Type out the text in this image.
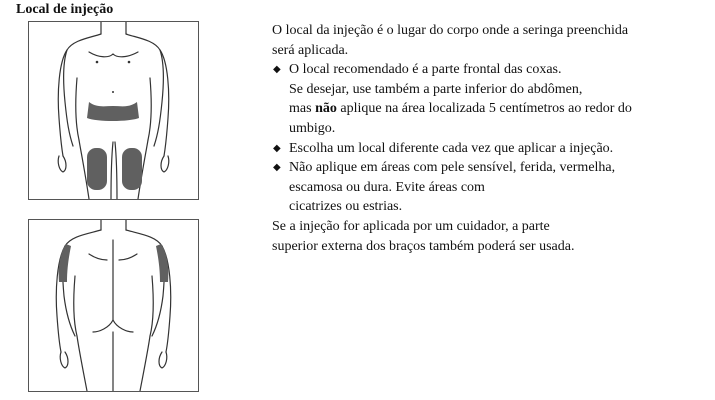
Local de injeção
O local da injeção é o lugar do corpo onde a seringa preenchida
será aplicada.
◆ O local recomendado é a parte frontal das coxas.
Se desejar, use também a parte inferior do abdômen,
mas não aplique na área localizada 5 centímetros ao redor do
umbigo.
◆ Escolha um local diferente cada vez que aplicar a injeção.
◆ Não aplique em áreas com pele sensível, ferida, vermelha,
escamosa ou dura. Evite áreas com
cicatrizes ou estrias.
Se a injeção for aplicada por um cuidador, a parte
superior externa dos braços também poderá ser usada.
